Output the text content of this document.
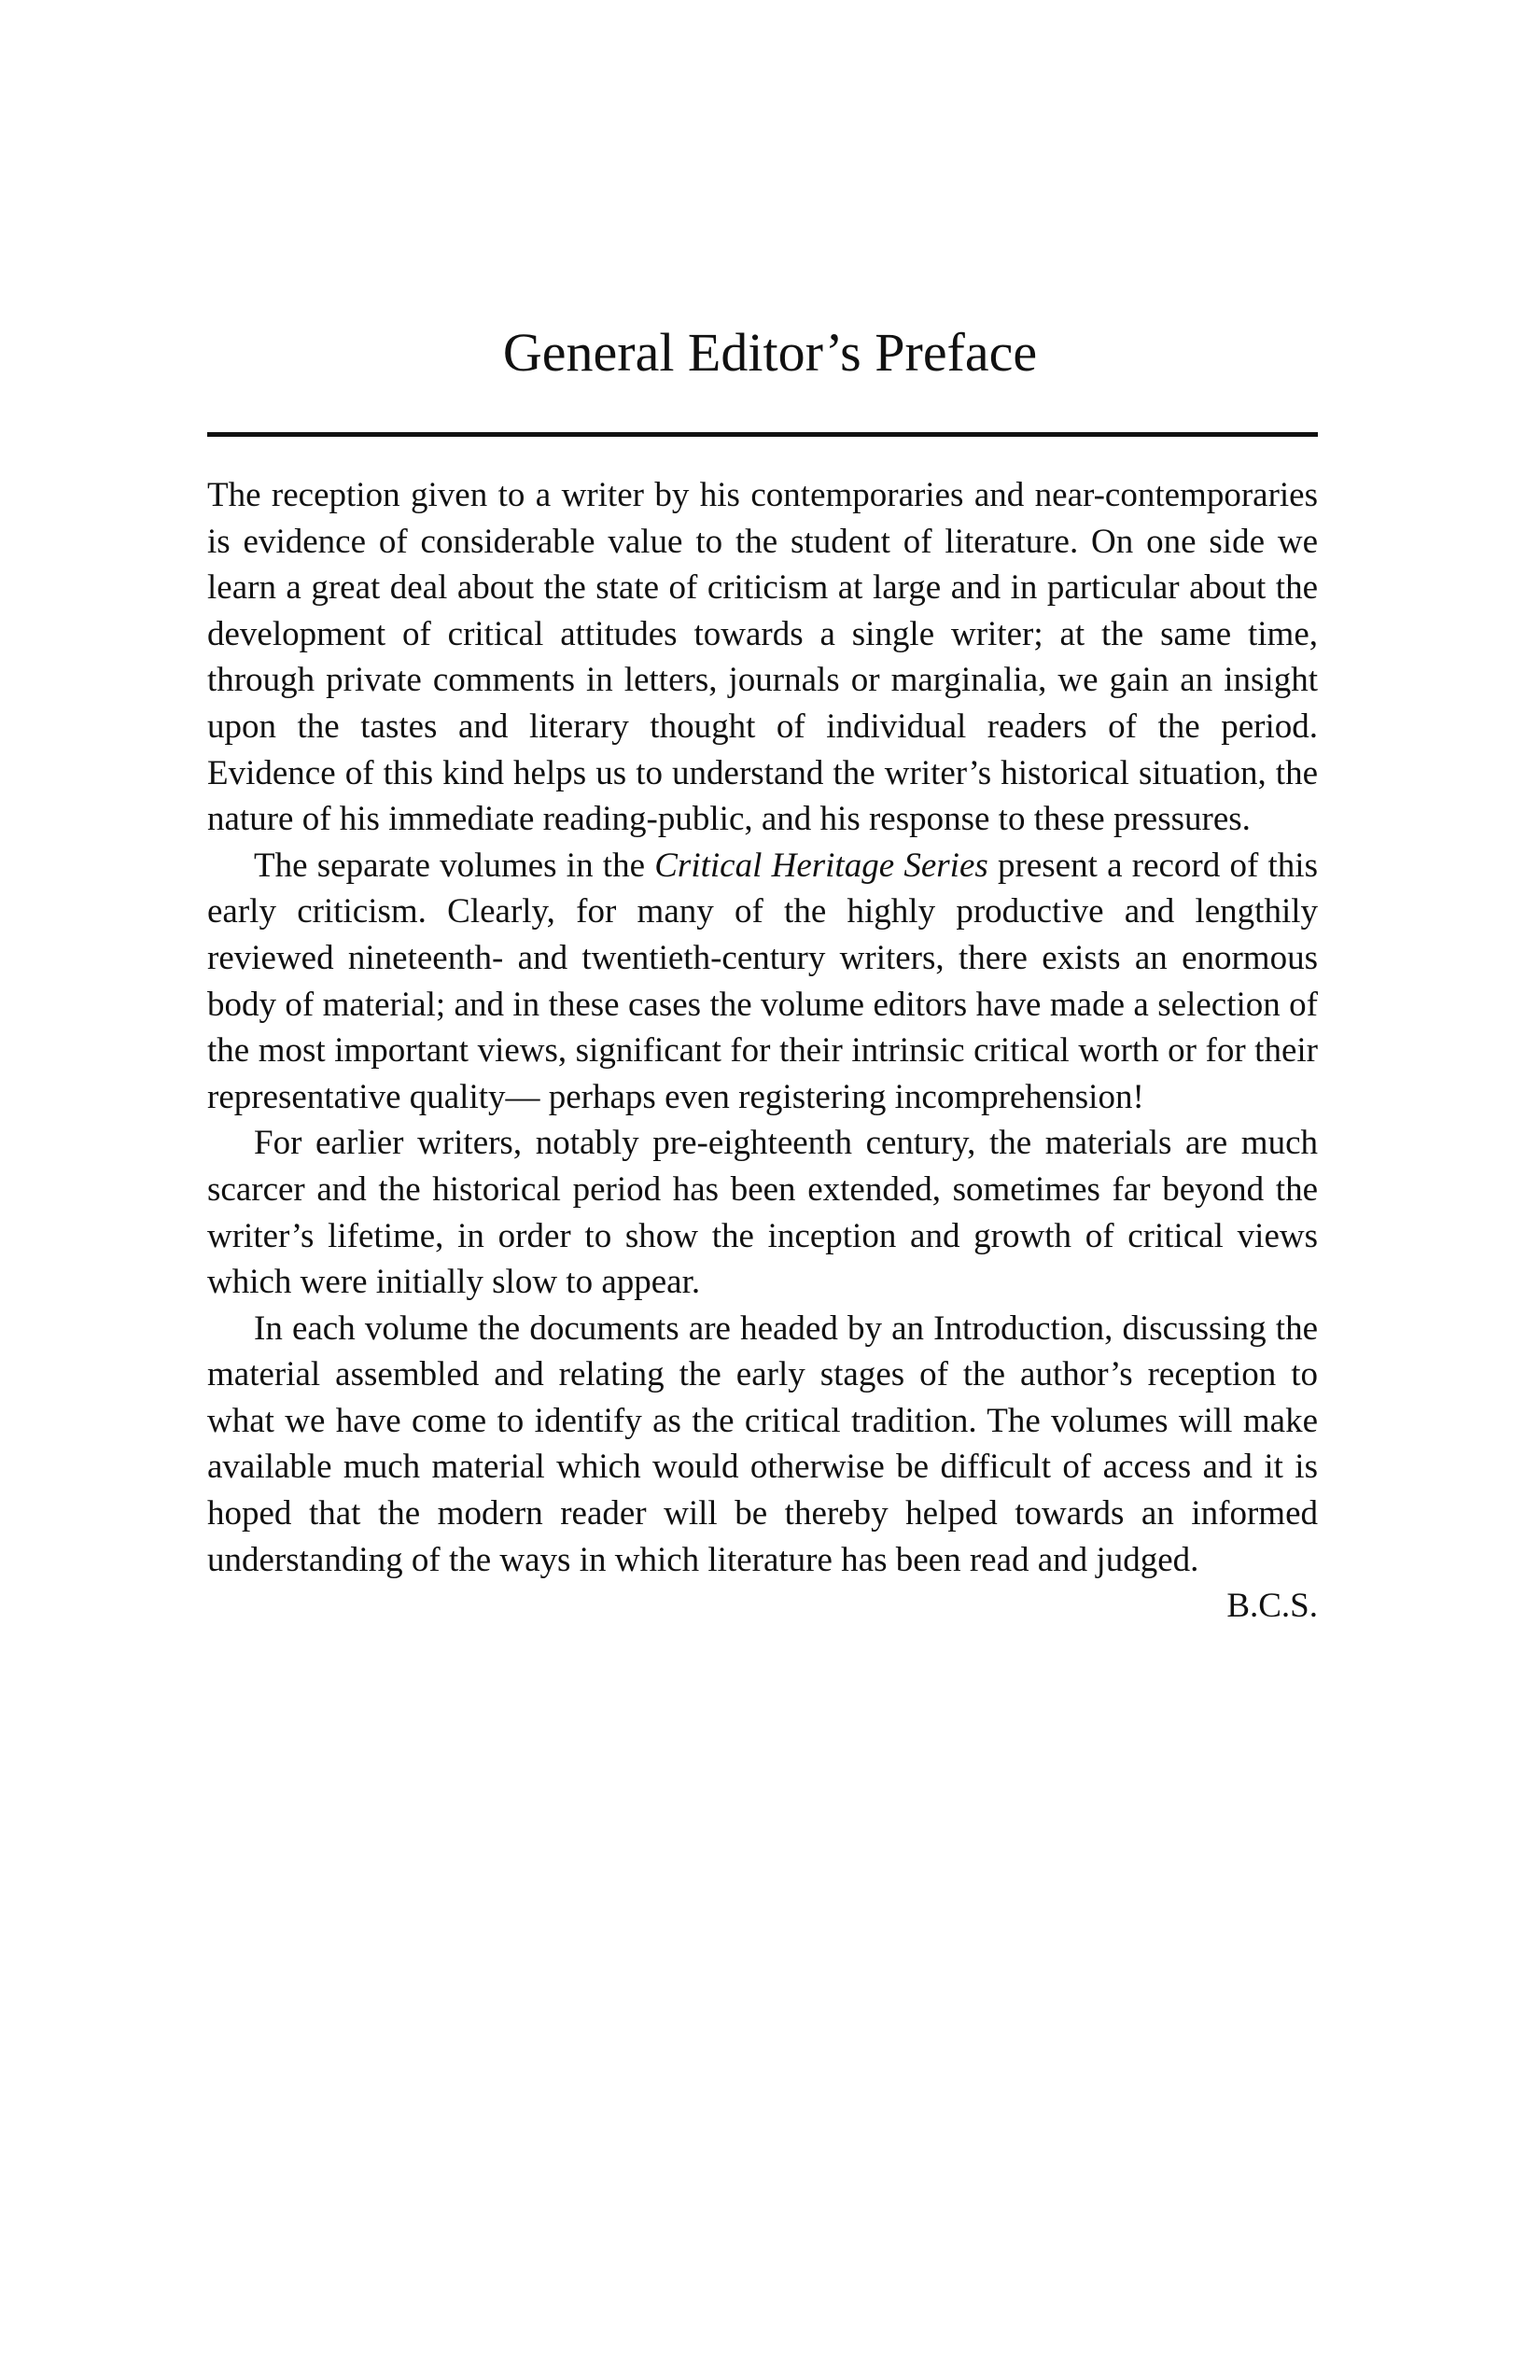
General Editor’s Preface

The reception given to a writer by his contemporaries and near-contemporaries is evidence of considerable value to the student of literature. On one side we learn a great deal about the state of criticism at large and in particular about the development of critical attitudes towards a single writer; at the same time, through private comments in letters, journals or marginalia, we gain an insight upon the tastes and literary thought of individual readers of the period. Evidence of this kind helps us to understand the writer’s historical situation, the nature of his immediate reading-public, and his response to these pressures.

The separate volumes in the Critical Heritage Series present a record of this early criticism. Clearly, for many of the highly productive and lengthily reviewed nineteenth- and twentieth-century writers, there exists an enormous body of material; and in these cases the volume editors have made a selection of the most important views, significant for their intrinsic critical worth or for their representative quality— perhaps even registering incomprehension!

For earlier writers, notably pre-eighteenth century, the materials are much scarcer and the historical period has been extended, sometimes far beyond the writer’s lifetime, in order to show the inception and growth of critical views which were initially slow to appear.

In each volume the documents are headed by an Introduction, discussing the material assembled and relating the early stages of the author’s reception to what we have come to identify as the critical tradition. The volumes will make available much material which would otherwise be difficult of access and it is hoped that the modern reader will be thereby helped towards an informed understanding of the ways in which literature has been read and judged.

B.C.S.
